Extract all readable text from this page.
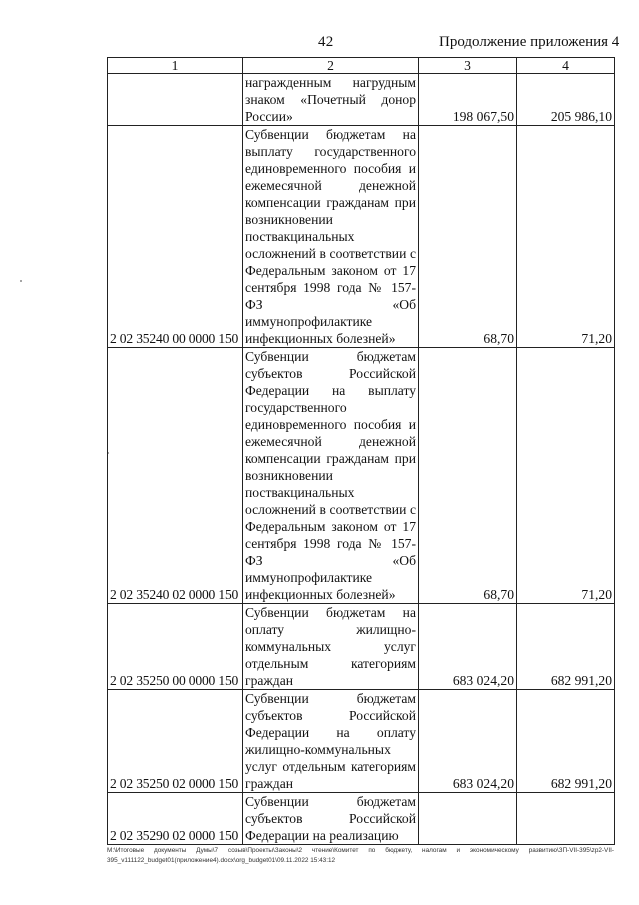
42	Продолжение приложения 4
1	2	3	4
	награжденным нагрудным знаком «Почетный донор России»	198 067,50	205 986,10
2 02 35240 00 0000 150	Субвенции бюджетам на выплату государственного единовременного пособия и ежемесячной денежной компенсации гражданам при возникновении поствакцинальных осложнений в соответствии с Федеральным законом от 17 сентября 1998 года № 157-ФЗ «Об иммунопрофилактике инфекционных болезней»	68,70	71,20
2 02 35240 02 0000 150	Субвенции бюджетам субъектов Российской Федерации на выплату государственного единовременного пособия и ежемесячной денежной компенсации гражданам при возникновении поствакцинальных осложнений в соответствии с Федеральным законом от 17 сентября 1998 года № 157-ФЗ «Об иммунопрофилактике инфекционных болезней»	68,70	71,20
2 02 35250 00 0000 150	Субвенции бюджетам на оплату жилищно-коммунальных услуг отдельным категориям граждан	683 024,20	682 991,20
2 02 35250 02 0000 150	Субвенции бюджетам субъектов Российской Федерации на оплату жилищно-коммунальных услуг отдельным категориям граждан	683 024,20	682 991,20
2 02 35290 02 0000 150	Субвенции бюджетам субъектов Российской Федерации на реализацию		
M:\Итоговые документы Думы\7 созыв\Проекты\Законы\2 чтение\Комитет по бюджету, налогам и экономическому развитию\ЗП-VII-395\zp2-VII-395_v111122_budget01(приложение4).docx\org_budget01\09.11.2022 15:43:12
